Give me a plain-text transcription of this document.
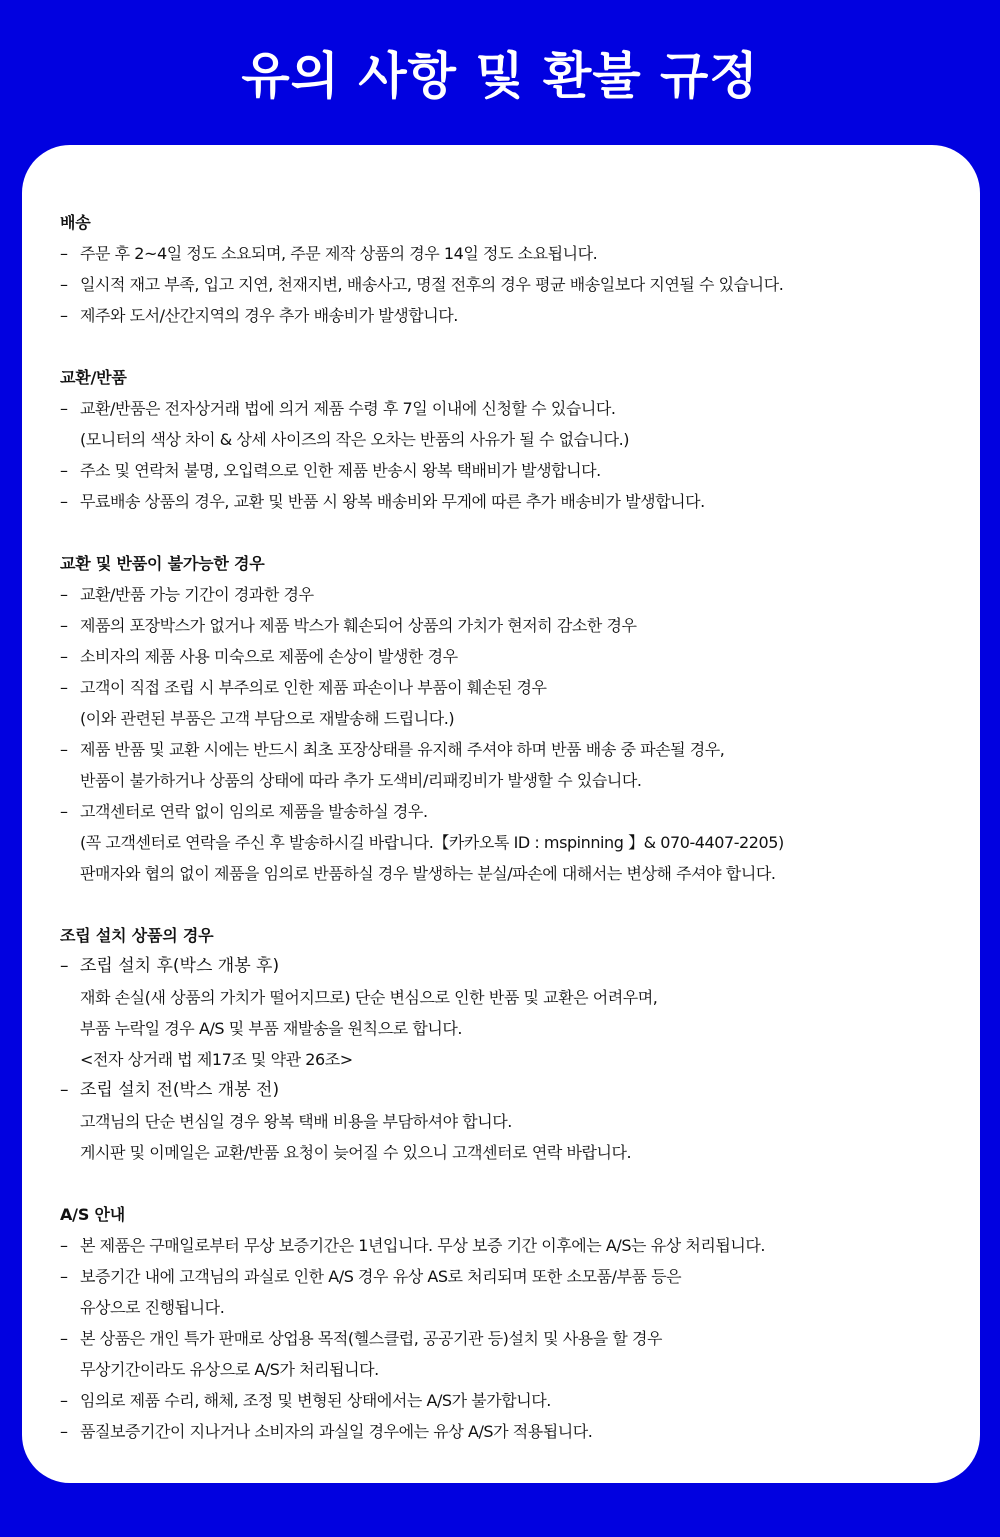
유의 사항 및 환불 규정
배송
– 주문 후 2~4일 정도 소요되며, 주문 제작 상품의 경우 14일 정도 소요됩니다.
– 일시적 재고 부족, 입고 지연, 천재지변, 배송사고, 명절 전후의 경우 평균 배송일보다 지연될 수 있습니다.
– 제주와 도서/산간지역의 경우 추가 배송비가 발생합니다.
교환/반품
– 교환/반품은 전자상거래 법에 의거 제품 수령 후 7일 이내에 신청할 수 있습니다.
(모니터의 색상 차이 & 상세 사이즈의 작은 오차는 반품의 사유가 될 수 없습니다.)
– 주소 및 연락처 불명, 오입력으로 인한 제품 반송시 왕복 택배비가 발생합니다.
– 무료배송 상품의 경우, 교환 및 반품 시 왕복 배송비와 무게에 따른 추가 배송비가 발생합니다.
교환 및 반품이 불가능한 경우
– 교환/반품 가능 기간이 경과한 경우
– 제품의 포장박스가 없거나 제품 박스가 훼손되어 상품의 가치가 현저히 감소한 경우
– 소비자의 제품 사용 미숙으로 제품에 손상이 발생한 경우
– 고객이 직접 조립 시 부주의로 인한 제품 파손이나 부품이 훼손된 경우
(이와 관련된 부품은 고객 부담으로 재발송해 드립니다.)
– 제품 반품 및 교환 시에는 반드시 최초 포장상태를 유지해 주셔야 하며 반품 배송 중 파손될 경우,
반품이 불가하거나 상품의 상태에 따라 추가 도색비/리패킹비가 발생할 수 있습니다.
– 고객센터로 연락 없이 임의로 제품을 발송하실 경우.
(꼭 고객센터로 연락을 주신 후 발송하시길 바랍니다.【카카오톡 ID : mspinning 】& 070-4407-2205)
판매자와 협의 없이 제품을 임의로 반품하실 경우 발생하는 분실/파손에 대해서는 변상해 주셔야 합니다.
조립 설치 상품의 경우
– 조립 설치 후(박스 개봉 후)
재화 손실(새 상품의 가치가 떨어지므로) 단순 변심으로 인한 반품 및 교환은 어려우며,
부품 누락일 경우 A/S 및 부품 재발송을 원칙으로 합니다.
<전자 상거래 법 제17조 및 약관 26조>
– 조립 설치 전(박스 개봉 전)
고객님의 단순 변심일 경우 왕복 택배 비용을 부담하셔야 합니다.
게시판 및 이메일은 교환/반품 요청이 늦어질 수 있으니 고객센터로 연락 바랍니다.
A/S 안내
– 본 제품은 구매일로부터 무상 보증기간은 1년입니다. 무상 보증 기간 이후에는 A/S는 유상 처리됩니다.
– 보증기간 내에 고객님의 과실로 인한 A/S 경우 유상 AS로 처리되며 또한 소모품/부품 등은
유상으로 진행됩니다.
– 본 상품은 개인 특가 판매로 상업용 목적(헬스클럽, 공공기관 등)설치 및 사용을 할 경우
무상기간이라도 유상으로 A/S가 처리됩니다.
– 임의로 제품 수리, 해체, 조정 및 변형된 상태에서는 A/S가 불가합니다.
– 품질보증기간이 지나거나 소비자의 과실일 경우에는 유상 A/S가 적용됩니다.
